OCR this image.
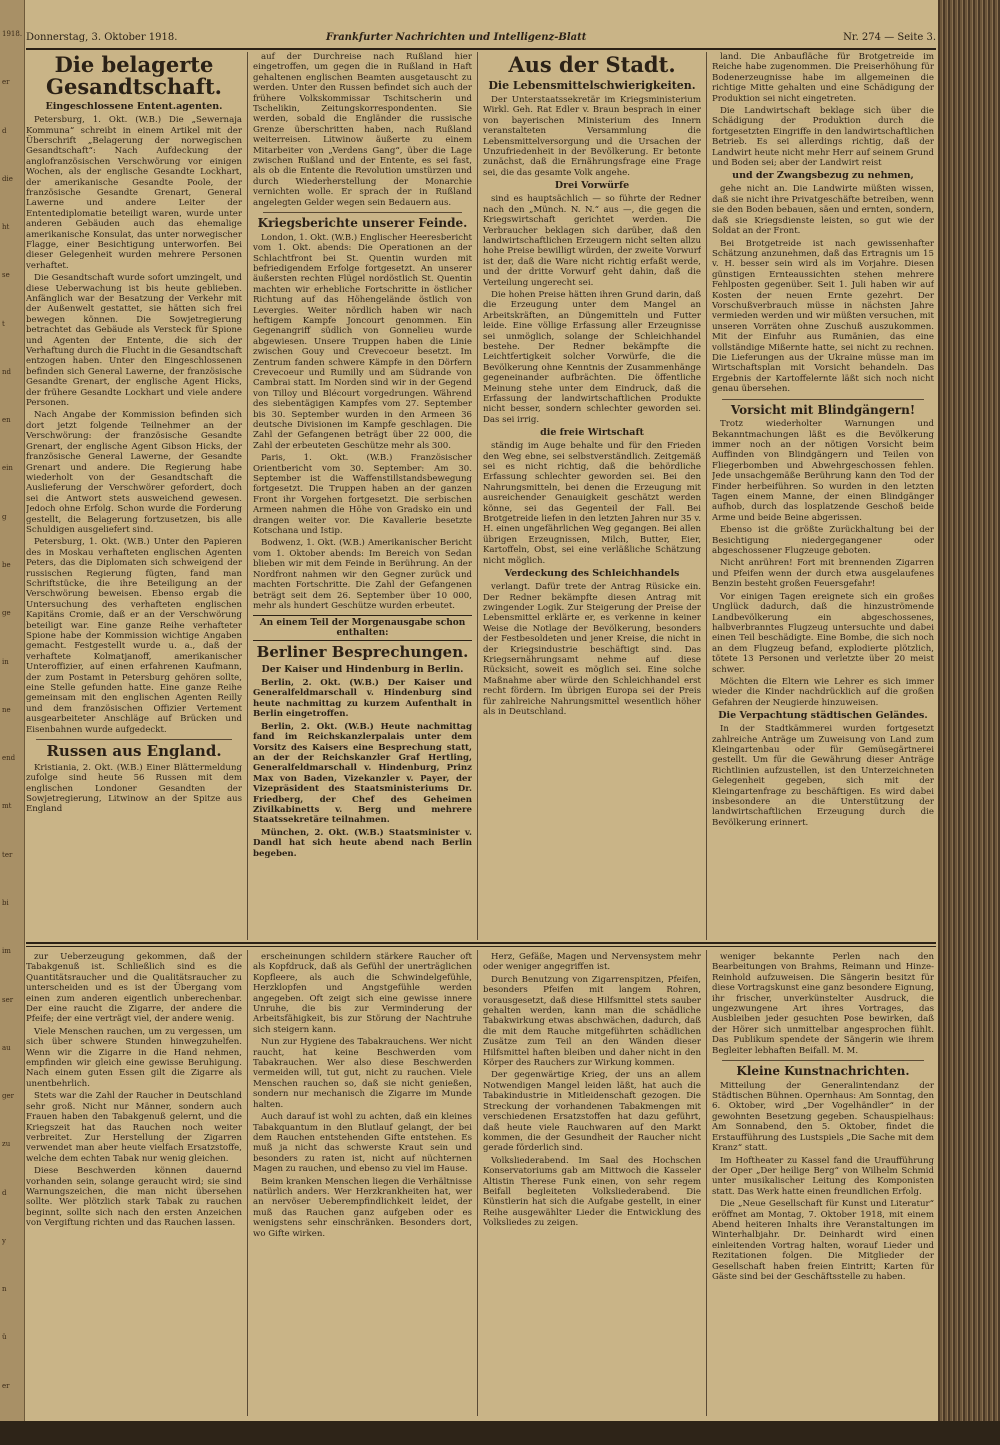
1918.
er
d
die
ht
se
t
nd
en
ein
g
be
ge
in
ne
end
mt
ter
bi
im
ser
au
ger
zu
d
y
n
ü
er
Donnerstag, 3. Oktober 1918.	Frankfurter Nachrichten und Intelligenz-Blatt	Nr. 274 — Seite 3.
Die belagerte Gesandtschaft.
Eingeschlossene Entent.agenten.

Petersburg, 1. Okt. (W.B.) Die „Sewernaja Kommuna“ schreibt in einem Artikel mit der Überschrift „Belagerung der norwegischen Gesandtschaft“: Nach Aufdeckung der anglofranzösischen Verschwörung vor einigen Wochen, als der englische Gesandte Lockhart, der amerikanische Gesandte Poole, der französische Gesandte Grenart, General Lawerne und andere Leiter der Ententediplomatie beteiligt waren, wurde unter anderen Gebäuden auch das ehemalige amerikanische Konsulat, das unter norwegischer Flagge, einer Besichtigung unterworfen. Bei dieser Gelegenheit wurden mehrere Personen verhaftet.

Die Gesandtschaft wurde sofort umzingelt, und diese Ueberwachung ist bis heute geblieben. Anfänglich war der Besatzung der Verkehr mit der Außenwelt gestattet, sie hätten sich frei bewegen können. Die Sowjetregierung betrachtet das Gebäude als Versteck für Spione und Agenten der Entente, die sich der Verhaftung durch die Flucht in die Gesandtschaft entzogen haben. Unter den Eingeschlossenen befinden sich General Lawerne, der französische Gesandte Grenart, der englische Agent Hicks, der frühere Gesandte Lockhart und viele andere Personen.

Nach Angabe der Kommission befinden sich dort jetzt folgende Teilnehmer an der Verschwörung: der französische Gesandte Grenart, der englische Agent Gibson Hicks, der französische General Lawerne, der Gesandte Grenart und andere. Die Regierung habe wiederholt von der Gesandtschaft die Auslieferung der Verschwörer gefordert, doch sei die Antwort stets ausweichend gewesen. Jedoch ohne Erfolg. Schon wurde die Forderung gestellt, die Belagerung fortzusetzen, bis alle Schuldigen ausgeliefert sind.

Petersburg, 1. Okt. (W.B.) Unter den Papieren des in Moskau verhafteten englischen Agenten Peters, das die Diplomaten sich schweigend der russischen Regierung fügten, fand man Schriftstücke, die ihre Beteiligung an der Verschwörung beweisen. Ebenso ergab die Untersuchung des verhafteten englischen Kapitäns Cromie, daß er an der Verschwörung beteiligt war. Eine ganze Reihe verhafteter Spione habe der Kommission wichtige Angaben gemacht. Festgestellt wurde u. a., daß der verhaftete Kolmatjanoff, amerikanischer Unteroffizier, auf einen erfahrenen Kaufmann, der zum Postamt in Petersburg gehören sollte, eine Stelle gefunden hatte. Eine ganze Reihe gemeinsam mit den englischen Agenten Reilly und dem französischen Offizier Vertement ausgearbeiteter Anschläge auf Brücken und Eisenbahnen wurde aufgedeckt.

Russen aus England.

Kristiania, 2. Okt. (W.B.) Einer Blättermeldung zufolge sind heute 56 Russen mit dem englischen Londoner Gesandten der Sowjetregierung, Litwinow an der Spitze aus England

auf der Durchreise nach Rußland hier eingetroffen, um gegen die in Rußland in Haft gehaltenen englischen Beamten ausgetauscht zu werden. Unter den Russen befindet sich auch der frühere Volkskommissar Tschitscherin und Tschelikin, Zeitungskorrespondenten. Sie werden, sobald die Engländer die russische Grenze überschritten haben, nach Rußland weiterreisen. Litwinow äußerte zu einem Mitarbeiter von „Verdens Gang“, über die Lage zwischen Rußland und der Entente, es sei fast, als ob die Entente die Revolution umstürzen und durch Wiederherstellung der Monarchie vernichten wolle. Er sprach der in Rußland angelegten Gelder wegen sein Bedauern aus.

Kriegsberichte unserer Feinde.

London, 1. Okt. (W.B.) Englischer Heeresbericht vom 1. Okt. abends: Die Operationen an der Schlachtfront bei St. Quentin wurden mit befriedigendem Erfolge fortgesetzt. An unserer äußersten rechten Flügel nordöstlich St. Quentin machten wir erhebliche Fortschritte in östlicher Richtung auf das Höhengelände östlich von Levergies. Weiter nördlich haben wir nach heftigem Kampfe Joncourt genommen. Ein Gegenangriff südlich von Gonnelieu wurde abgewiesen. Unsere Truppen haben die Linie zwischen Gouy und Crevecoeur besetzt. Im Zentrum fanden schwere Kämpfe in den Dörfern Crevecoeur und Rumilly und am Südrande von Cambrai statt. Im Norden sind wir in der Gegend von Tilloy und Blécourt vorgedrungen. Während des siebentägigen Kampfes vom 27. September bis 30. September wurden in den Armeen 36 deutsche Divisionen im Kampfe geschlagen. Die Zahl der Gefangenen beträgt über 22 000, die Zahl der erbeuteten Geschütze mehr als 300.

Paris, 1. Okt. (W.B.) Französischer Orientbericht vom 30. September: Am 30. September ist die Waffenstillstandsbewegung fortgesetzt. Die Truppen haben an der ganzen Front ihr Vorgehen fortgesetzt. Die serbischen Armeen nahmen die Höhe von Gradsko ein und drangen weiter vor. Die Kavallerie besetzte Kotschana und Istip.

Bodwenz, 1. Okt. (W.B.) Amerikanischer Bericht vom 1. Oktober abends: Im Bereich von Sedan blieben wir mit dem Feinde in Berührung. An der Nordfront nahmen wir den Gegner zurück und machten Fortschritte. Die Zahl der Gefangenen beträgt seit dem 26. September über 10 000, mehr als hundert Geschütze wurden erbeutet.

An einem Teil der Morgenausgabe schon enthalten:
Berliner Besprechungen.
Der Kaiser und Hindenburg in Berlin.

Berlin, 2. Okt. (W.B.) Der Kaiser und Generalfeldmarschall v. Hindenburg sind heute nachmittag zu kurzem Aufenthalt in Berlin eingetroffen.

Berlin, 2. Okt. (W.B.) Heute nachmittag fand im Reichskanzlerpalais unter dem Vorsitz des Kaisers eine Besprechung statt, an der der Reichskanzler Graf Hertling, Generalfeldmarschall v. Hindenburg, Prinz Max von Baden, Vizekanzler v. Payer, der Vizepräsident des Staatsministeriums Dr. Friedberg, der Chef des Geheimen Zivilkabinetts v. Berg und mehrere Staatssekretäre teilnahmen.

München, 2. Okt. (W.B.) Staatsminister v. Dandl hat sich heute abend nach Berlin begeben.

Aus der Stadt.
Die Lebensmittelschwierigkeiten.

Der Unterstaatssekretär im Kriegsministerium Wirkl. Geh. Rat Edler v. Braun besprach in einer von bayerischen Ministerium des Innern veranstalteten Versammlung die Lebensmittelversorgung und die Ursachen der Unzufriedenheit in der Bevölkerung. Er betonte zunächst, daß die Ernährungsfrage eine Frage sei, die das gesamte Volk angehe.

Drei Vorwürfe

sind es hauptsächlich — so führte der Redner nach den „Münch. N. N.“ aus —, die gegen die Kriegswirtschaft gerichtet werden. Die Verbraucher beklagen sich darüber, daß den landwirtschaftlichen Erzeugern nicht selten allzu hohe Preise bewilligt würden, der zweite Vorwurf ist der, daß die Ware nicht richtig erfaßt werde, und der dritte Vorwurf geht dahin, daß die Verteilung ungerecht sei.

Die hohen Preise hätten ihren Grund darin, daß die Erzeugung unter dem Mangel an Arbeitskräften, an Düngemitteln und Futter leide. Eine völlige Erfassung aller Erzeugnisse sei unmöglich, solange der Schleichhandel bestehe. Der Redner bekämpfte die Leichtfertigkeit solcher Vorwürfe, die die Bevölkerung ohne Kenntnis der Zusammenhänge gegeneinander aufbrächten. Die öffentliche Meinung stehe unter dem Eindruck, daß die Erfassung der landwirtschaftlichen Produkte nicht besser, sondern schlechter geworden sei. Das sei irrig.

die freie Wirtschaft

ständig im Auge behalte und für den Frieden den Weg ebne, sei selbstverständlich. Zeitgemäß sei es nicht richtig, daß die behördliche Erfassung schlechter geworden sei. Bei den Nahrungsmitteln, bei denen die Erzeugung mit ausreichender Genauigkeit geschätzt werden könne, sei das Gegenteil der Fall. Bei Brotgetreide liefen in den letzten Jahren nur 35 v. H. einen ungefährlichen Weg gegangen. Bei allen übrigen Erzeugnissen, Milch, Butter, Eier, Kartoffeln, Obst, sei eine verläßliche Schätzung nicht möglich.

Verdeckung des Schleichhandels

verlangt. Dafür trete der Antrag Rüsicke ein. Der Redner bekämpfte diesen Antrag mit zwingender Logik. Zur Steigerung der Preise der Lebensmittel erklärte er, es verkenne in keiner Weise die Notlage der Bevölkerung, besonders der Festbesoldeten und jener Kreise, die nicht in der Kriegsindustrie beschäftigt sind. Das Kriegsernährungsamt nehme auf diese Rücksicht, soweit es möglich sei. Eine solche Maßnahme aber würde den Schleichhandel erst recht fördern. Im übrigen Europa sei der Preis für zahlreiche Nahrungsmittel wesentlich höher als in Deutschland.

land. Die Anbaufläche für Brotgetreide im Reiche habe zugenommen. Die Preiserhöhung für Bodenerzeugnisse habe im allgemeinen die richtige Mitte gehalten und eine Schädigung der Produktion sei nicht eingetreten.

Die Landwirtschaft beklage sich über die Schädigung der Produktion durch die fortgesetzten Eingriffe in den landwirtschaftlichen Betrieb. Es sei allerdings richtig, daß der Landwirt heute nicht mehr Herr auf seinem Grund und Boden sei; aber der Landwirt reist

und der Zwangsbezug zu nehmen,

gehe nicht an. Die Landwirte müßten wissen, daß sie nicht ihre Privatgeschäfte betreiben, wenn sie den Boden bebauen, säen und ernten, sondern, daß sie Kriegsdienste leisten, so gut wie der Soldat an der Front.

Bei Brotgetreide ist nach gewissenhafter Schätzung anzunehmen, daß das Ertragnis um 15 v. H. besser sein wird als im Vorjahre. Diesen günstigen Ernteaussichten stehen mehrere Fehlposten gegenüber. Seit 1. Juli haben wir auf Kosten der neuen Ernte gezehrt. Der Vorschußverbrauch müsse in nächsten Jahre vermieden werden und wir müßten versuchen, mit unseren Vorräten ohne Zuschuß auszukommen. Mit der Einfuhr aus Rumänien, das eine vollständige Mißernte hatte, sei nicht zu rechnen. Die Lieferungen aus der Ukraine müsse man im Wirtschaftsplan mit Vorsicht behandeln. Das Ergebnis der Kartoffelernte läßt sich noch nicht genau übersehen.

Vorsicht mit Blindgängern!

Trotz wiederholter Warnungen und Bekanntmachungen läßt es die Bevölkerung immer noch an der nötigen Vorsicht beim Auffinden von Blindgängern und Teilen von Fliegerbomben und Abwehrgeschossen fehlen. Jede unsachgemäße Berührung kann den Tod der Finder herbeiführen. So wurden in den letzten Tagen einem Manne, der einen Blindgänger aufhob, durch das losplatzende Geschoß beide Arme und beide Beine abgerissen.

Ebenso ist die größte Zurückhaltung bei der Besichtigung niedergegangener oder abgeschossener Flugzeuge geboten.

Nicht anrühren! Fort mit brennenden Zigarren und Pfeifen wenn der durch etwa ausgelaufenes Benzin besteht großen Feuersgefahr!

Vor einigen Tagen ereignete sich ein großes Unglück dadurch, daß die hinzuströmende Landbevölkerung ein abgeschossenes, halbverbranntes Flugzeug untersuchte und dabei einen Teil beschädigte. Eine Bombe, die sich noch an dem Flugzeug befand, explodierte plötzlich, tötete 13 Personen und verletzte über 20 meist schwer.

Möchten die Eltern wie Lehrer es sich immer wieder die Kinder nachdrücklich auf die großen Gefahren der Neugierde hinzuweisen.

Die Verpachtung städtischen Geländes.

In der Stadtkämmerei wurden fortgesetzt zahlreiche Anträge um Zuweisung von Land zum Kleingartenbau oder für Gemüsegärtnerei gestellt. Um für die Gewährung dieser Anträge Richtlinien aufzustellen, ist den Unterzeichneten Gelegenheit gegeben, sich mit der Kleingartenfrage zu beschäftigen. Es wird dabei insbesondere an die Unterstützung der landwirtschaftlichen Erzeugung durch die Bevölkerung erinnert.

zur Ueberzeugung gekommen, daß der Tabakgenuß ist. Schließlich sind es die Quantitätsraucher und die Qualitätsraucher zu unterscheiden und es ist der Übergang vom einen zum anderen eigentlich unberechenbar. Der eine raucht die Zigarre, der andere die Pfeife; der eine verträgt viel, der andere wenig.

Viele Menschen rauchen, um zu vergessen, um sich über schwere Stunden hinwegzuhelfen. Wenn wir die Zigarre in die Hand nehmen, empfinden wir gleich eine gewisse Beruhigung. Nach einem guten Essen gilt die Zigarre als unentbehrlich.

Stets war die Zahl der Raucher in Deutschland sehr groß. Nicht nur Männer, sondern auch Frauen haben den Tabakgenuß gelernt, und die Kriegszeit hat das Rauchen noch weiter verbreitet. Zur Herstellung der Zigarren verwendet man aber heute vielfach Ersatzstoffe, welche dem echten Tabak nur wenig gleichen.

Diese Beschwerden können dauernd vorhanden sein, solange geraucht wird; sie sind Warnungszeichen, die man nicht übersehen sollte. Wer plötzlich stark Tabak zu rauchen beginnt, sollte sich nach den ersten Anzeichen von Vergiftung richten und das Rauchen lassen.

erscheinungen schildern stärkere Raucher oft als Kopfdruck, daß als Gefühl der unerträglichen Kopfleere, als auch die Schwindelgefühle, Herzklopfen und Angstgefühle werden angegeben. Oft zeigt sich eine gewisse innere Unruhe, die bis zur Verminderung der Arbeitsfähigkeit, bis zur Störung der Nachtruhe sich steigern kann.

Nun zur Hygiene des Tabakrauchens. Wer nicht raucht, hat keine Beschwerden vom Tabakrauchen. Wer also diese Beschwerden vermeiden will, tut gut, nicht zu rauchen. Viele Menschen rauchen so, daß sie nicht genießen, sondern nur mechanisch die Zigarre im Munde halten.

Auch darauf ist wohl zu achten, daß ein kleines Tabakquantum in den Blutlauf gelangt, der bei dem Rauchen entstehenden Gifte entstehen. Es muß ja nicht das schwerste Kraut sein und besonders zu raten ist, nicht auf nüchternen Magen zu rauchen, und ebenso zu viel im Hause.

Beim kranken Menschen liegen die Verhältnisse natürlich anders. Wer Herzkrankheiten hat, wer an nervöser Ueberempfindlichkeit leidet, der muß das Rauchen ganz aufgeben oder es wenigstens sehr einschränken. Besonders dort, wo Gifte wirken.

Herz, Gefäße, Magen und Nervensystem mehr oder weniger angegriffen ist.

Durch Benutzung von Zigarrenspitzen, Pfeifen, besonders Pfeifen mit langem Rohren, vorausgesetzt, daß diese Hilfsmittel stets sauber gehalten werden, kann man die schädliche Tabakwirkung etwas abschwächen, dadurch, daß die mit dem Rauche mitgeführten schädlichen Zusätze zum Teil an den Wänden dieser Hilfsmittel haften bleiben und daher nicht in den Körper des Rauchers zur Wirkung kommen.

Der gegenwärtige Krieg, der uns an allem Notwendigen Mangel leiden läßt, hat auch die Tabakindustrie in Mitleidenschaft gezogen. Die Streckung der vorhandenen Tabakmengen mit verschiedenen Ersatzstoffen hat dazu geführt, daß heute viele Rauchwaren auf den Markt kommen, die der Gesundheit der Raucher nicht gerade förderlich sind.

Volksliederabend. Im Saal des Hochschen Konservatoriums gab am Mittwoch die Kasseler Altistin Therese Funk einen, von sehr regem Beifall begleiteten Volksliederabend. Die Künstlerin hat sich die Aufgabe gestellt, in einer Reihe ausgewählter Lieder die Entwicklung des Volksliedes zu zeigen.

weniger bekannte Perlen nach den Bearbeitungen von Brahms, Reimann und Hinze-Reinhold aufzuweisen. Die Sängerin besitzt für diese Vortragskunst eine ganz besondere Eignung, ihr frischer, unverkünstelter Ausdruck, die ungezwungene Art ihres Vortrages, das Ausbleiben jeder gesuchten Pose bewirken, daß der Hörer sich unmittelbar angesprochen fühlt. Das Publikum spendete der Sängerin wie ihrem Begleiter lebhaften Beifall. M. M.

Kleine Kunstnachrichten.

Mitteilung der Generalintendanz der Städtischen Bühnen. Opernhaus: Am Sonntag, den 6. Oktober, wird „Der Vogelhändler“ in der gewohnten Besetzung gegeben. Schauspielhaus: Am Sonnabend, den 5. Oktober, findet die Erstaufführung des Lustspiels „Die Sache mit dem Kranz“ statt.

Im Hoftheater zu Kassel fand die Uraufführung der Oper „Der heilige Berg“ von Wilhelm Schmid unter musikalischer Leitung des Komponisten statt. Das Werk hatte einen freundlichen Erfolg.

Die „Neue Gesellschaft für Kunst und Literatur“ eröffnet am Montag, 7. Oktober 1918, mit einem Abend heiteren Inhalts ihre Veranstaltungen im Winterhalbjahr. Dr. Deinhardt wird einen einleitenden Vortrag halten, worauf Lieder und Rezitationen folgen. Die Mitglieder der Gesellschaft haben freien Eintritt; Karten für Gäste sind bei der Geschäftsstelle zu haben.
